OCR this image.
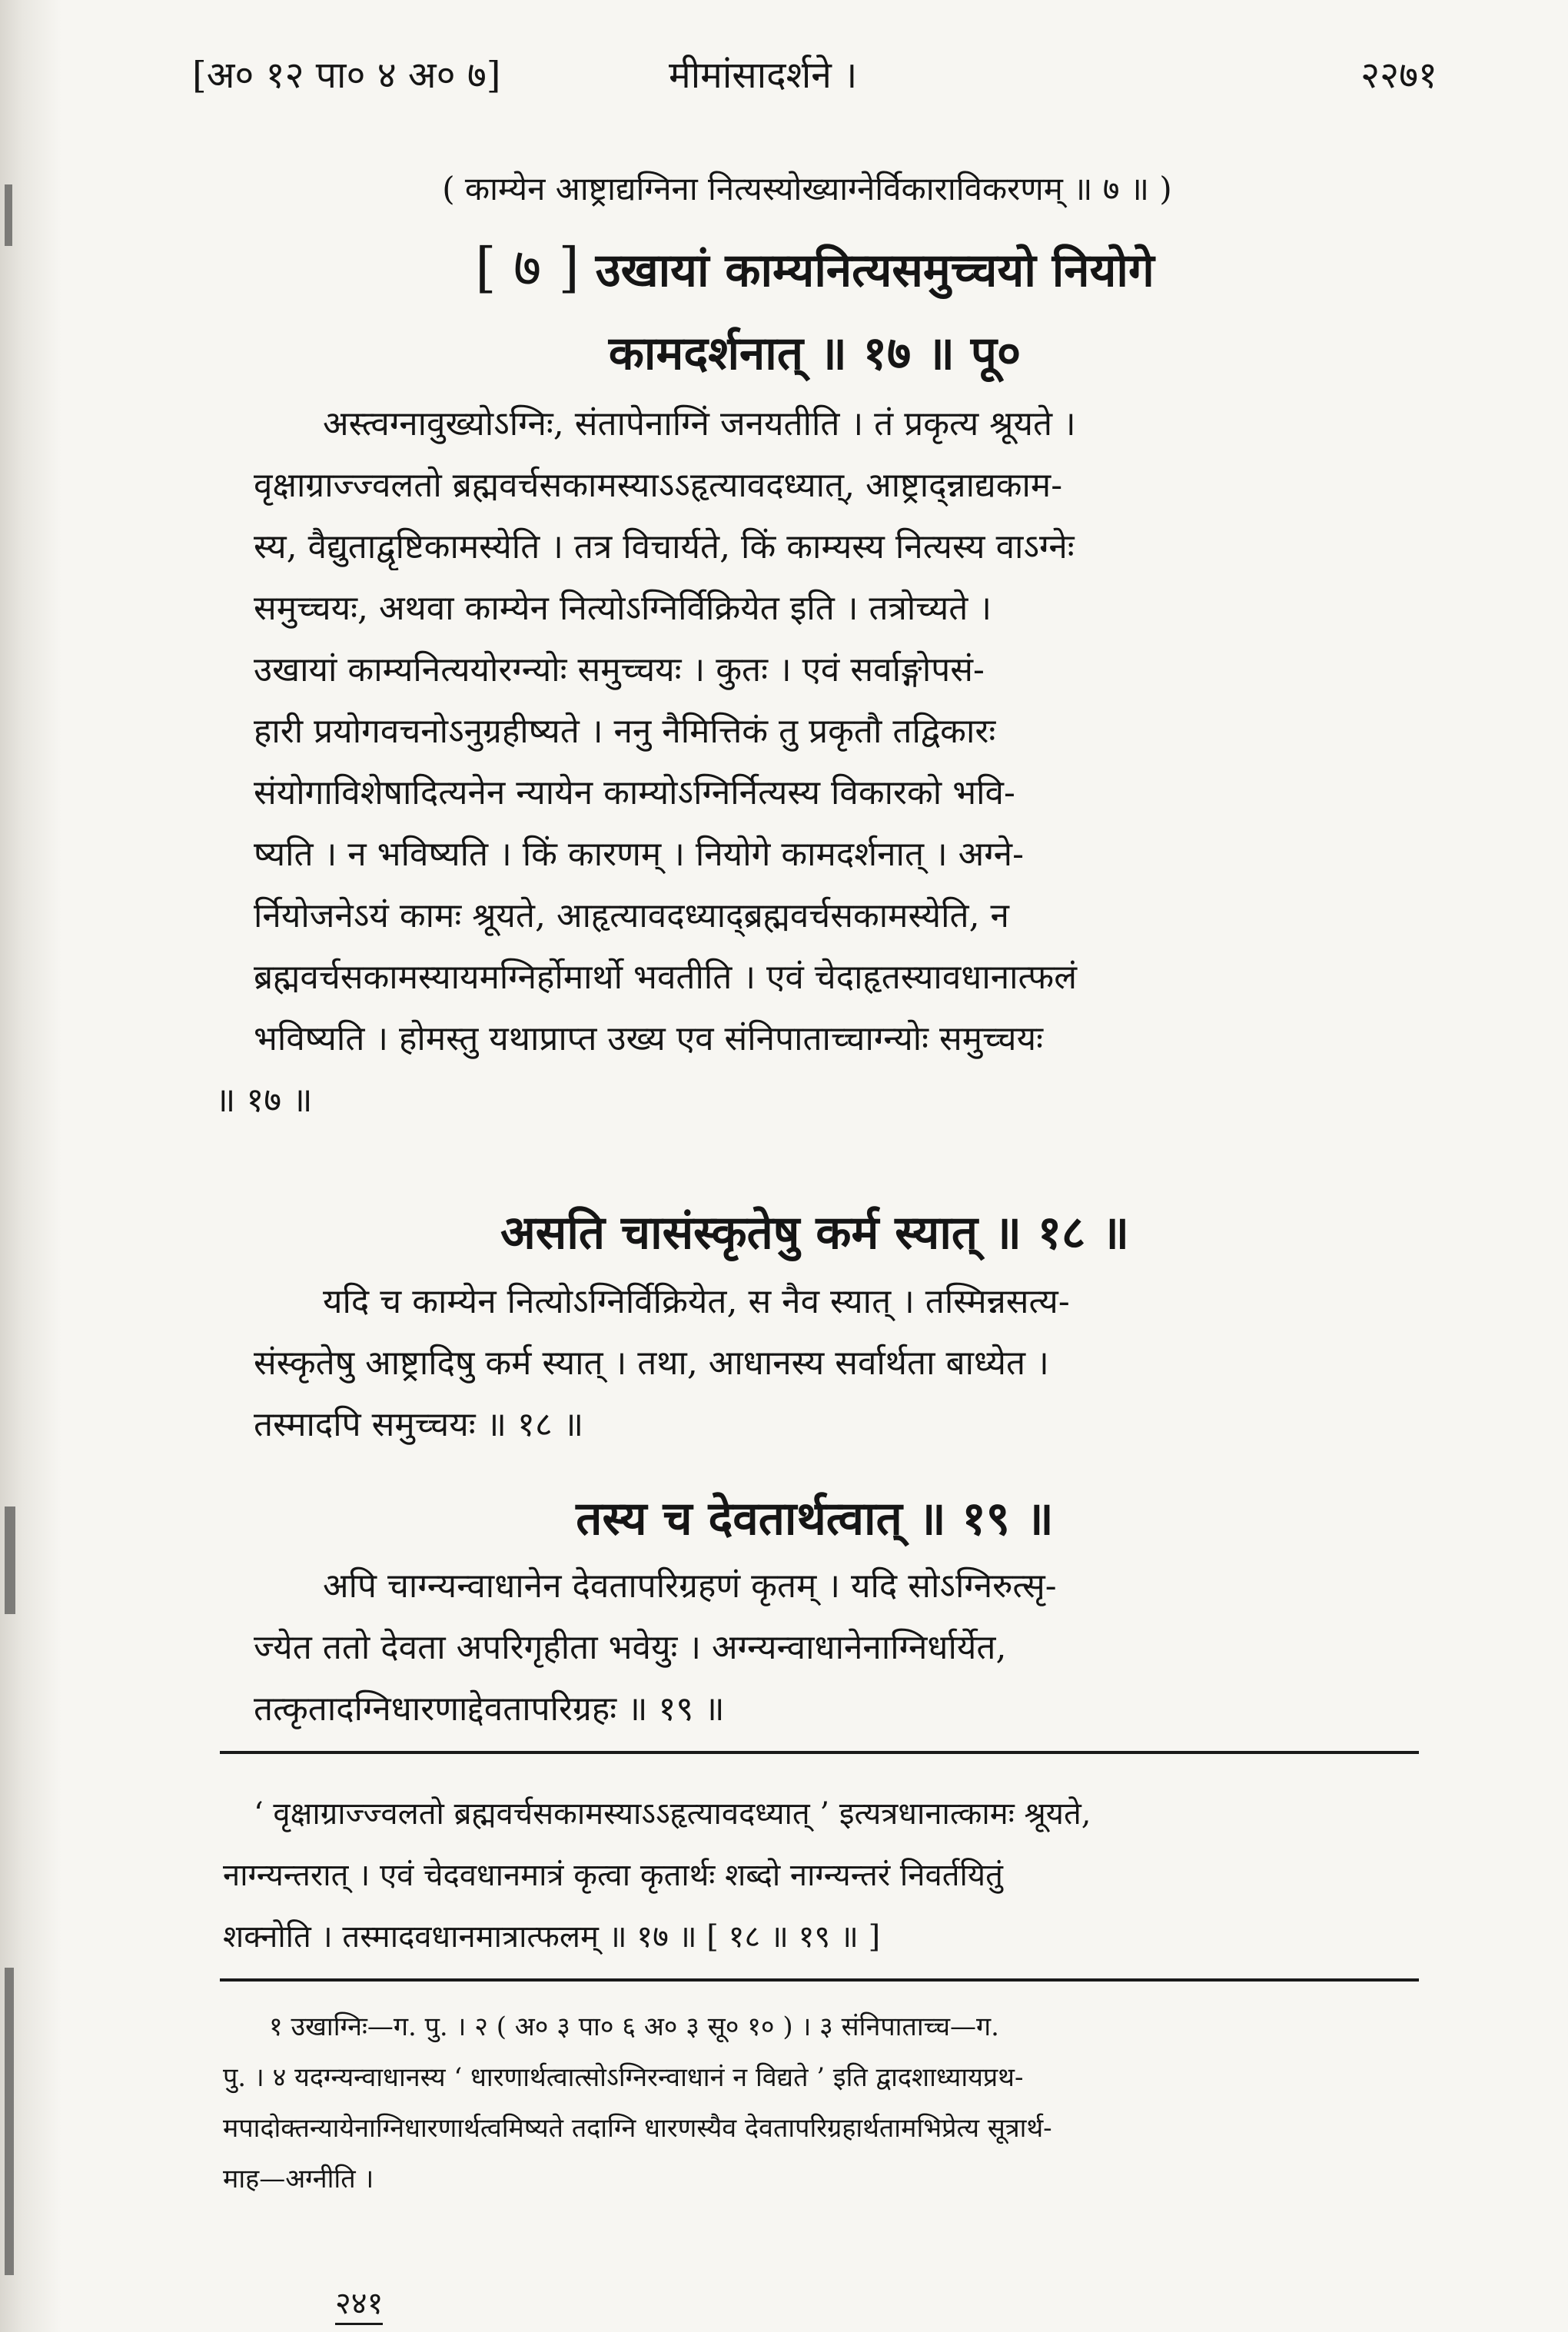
[अ० १२ पा० ४ अ० ७]	मीमांसादर्शने ।	२२७१
( काम्येन आष्ट्राद्यग्निना नित्यस्योख्याग्नेर्विकाराविकरणम् ॥ ७ ॥ )
[ ७ ] उखायां काम्यनित्यसमुच्चयो नियोगे
कामदर्शनात् ॥ १७ ॥ पू०
अस्त्वग्नावुख्योऽग्निः, संतापेनाग्निं जनयतीति । तं प्रकृत्य श्रूयते ।
वृक्षाग्राज्ज्वलतो ब्रह्मवर्चसकामस्याऽऽहृत्यावदध्यात्, आष्ट्राद्न्नाद्यकाम-
स्य, वैद्युताद्वृष्टिकामस्येति । तत्र विचार्यते, किं काम्यस्य नित्यस्य वाऽग्नेः
समुच्चयः, अथवा काम्येन नित्योऽग्निर्विक्रियेत इति । तत्रोच्यते ।
उखायां काम्यनित्ययोरग्न्योः समुच्चयः । कुतः । एवं सर्वाङ्गोपसं-
हारी प्रयोगवचनोऽनुग्रहीष्यते । ननु नैमित्तिकं तु प्रकृतौ तद्विकारः
संयोगाविशेषादित्यनेन न्यायेन काम्योऽग्निर्नित्यस्य विकारको भवि-
ष्यति । न भविष्यति । किं कारणम् । नियोगे कामदर्शनात् । अग्ने-
र्नियोजनेऽयं कामः श्रूयते, आहृत्यावदध्याद्ब्रह्मवर्चसकामस्येति, न
ब्रह्मवर्चसकामस्यायमग्निर्होमार्थो भवतीति । एवं चेदाहृतस्यावधानात्फलं
भविष्यति । होमस्तु यथाप्राप्त उख्य एव संनिपाताच्चाग्न्योः समुच्चयः
॥ १७ ॥
असति चासंस्कृतेषु कर्म स्यात् ॥ १८ ॥
यदि च काम्येन नित्योऽग्निर्विक्रियेत, स नैव स्यात् । तस्मिन्नसत्य-
संस्कृतेषु आष्ट्रादिषु कर्म स्यात् । तथा, आधानस्य सर्वार्थता बाध्येत ।
तस्मादपि समुच्चयः ॥ १८ ॥
तस्य च देवतार्थत्वात् ॥ १९ ॥
अपि चाग्न्यन्वाधानेन देवतापरिग्रहणं कृतम् । यदि सोऽग्निरुत्सृ-
ज्येत ततो देवता अपरिगृहीता भवेयुः । अग्न्यन्वाधानेनाग्निर्धार्येत,
तत्कृतादग्निधारणाद्देवतापरिग्रहः ॥ १९ ॥
‘ वृक्षाग्राज्ज्वलतो ब्रह्मवर्चसकामस्याऽऽहृत्यावदध्यात् ’ इत्यत्रधानात्कामः श्रूयते,
नाग्न्यन्तरात् । एवं चेदवधानमात्रं कृत्वा कृतार्थः शब्दो नाग्न्यन्तरं निवर्तयितुं
शक्नोति । तस्मादवधानमात्रात्फलम् ॥ १७ ॥ [ १८ ॥ १९ ॥ ]
१ उखाग्निः—ग. पु. । २ ( अ० ३ पा० ६ अ० ३ सू० १० ) । ३ संनिपाताच्च—ग.
पु. । ४ यदग्न्यन्वाधानस्य ‘ धारणार्थत्वात्सोऽग्निरन्वाधानं न विद्यते ’ इति द्वादशाध्यायप्रथ-
मपादोक्तन्यायेनाग्निधारणार्थत्वमिष्यते तदाग्नि धारणस्यैव देवतापरिग्रहार्थतामभिप्रेत्य सूत्रार्थ-
माह—अग्नीति ।
२४१
